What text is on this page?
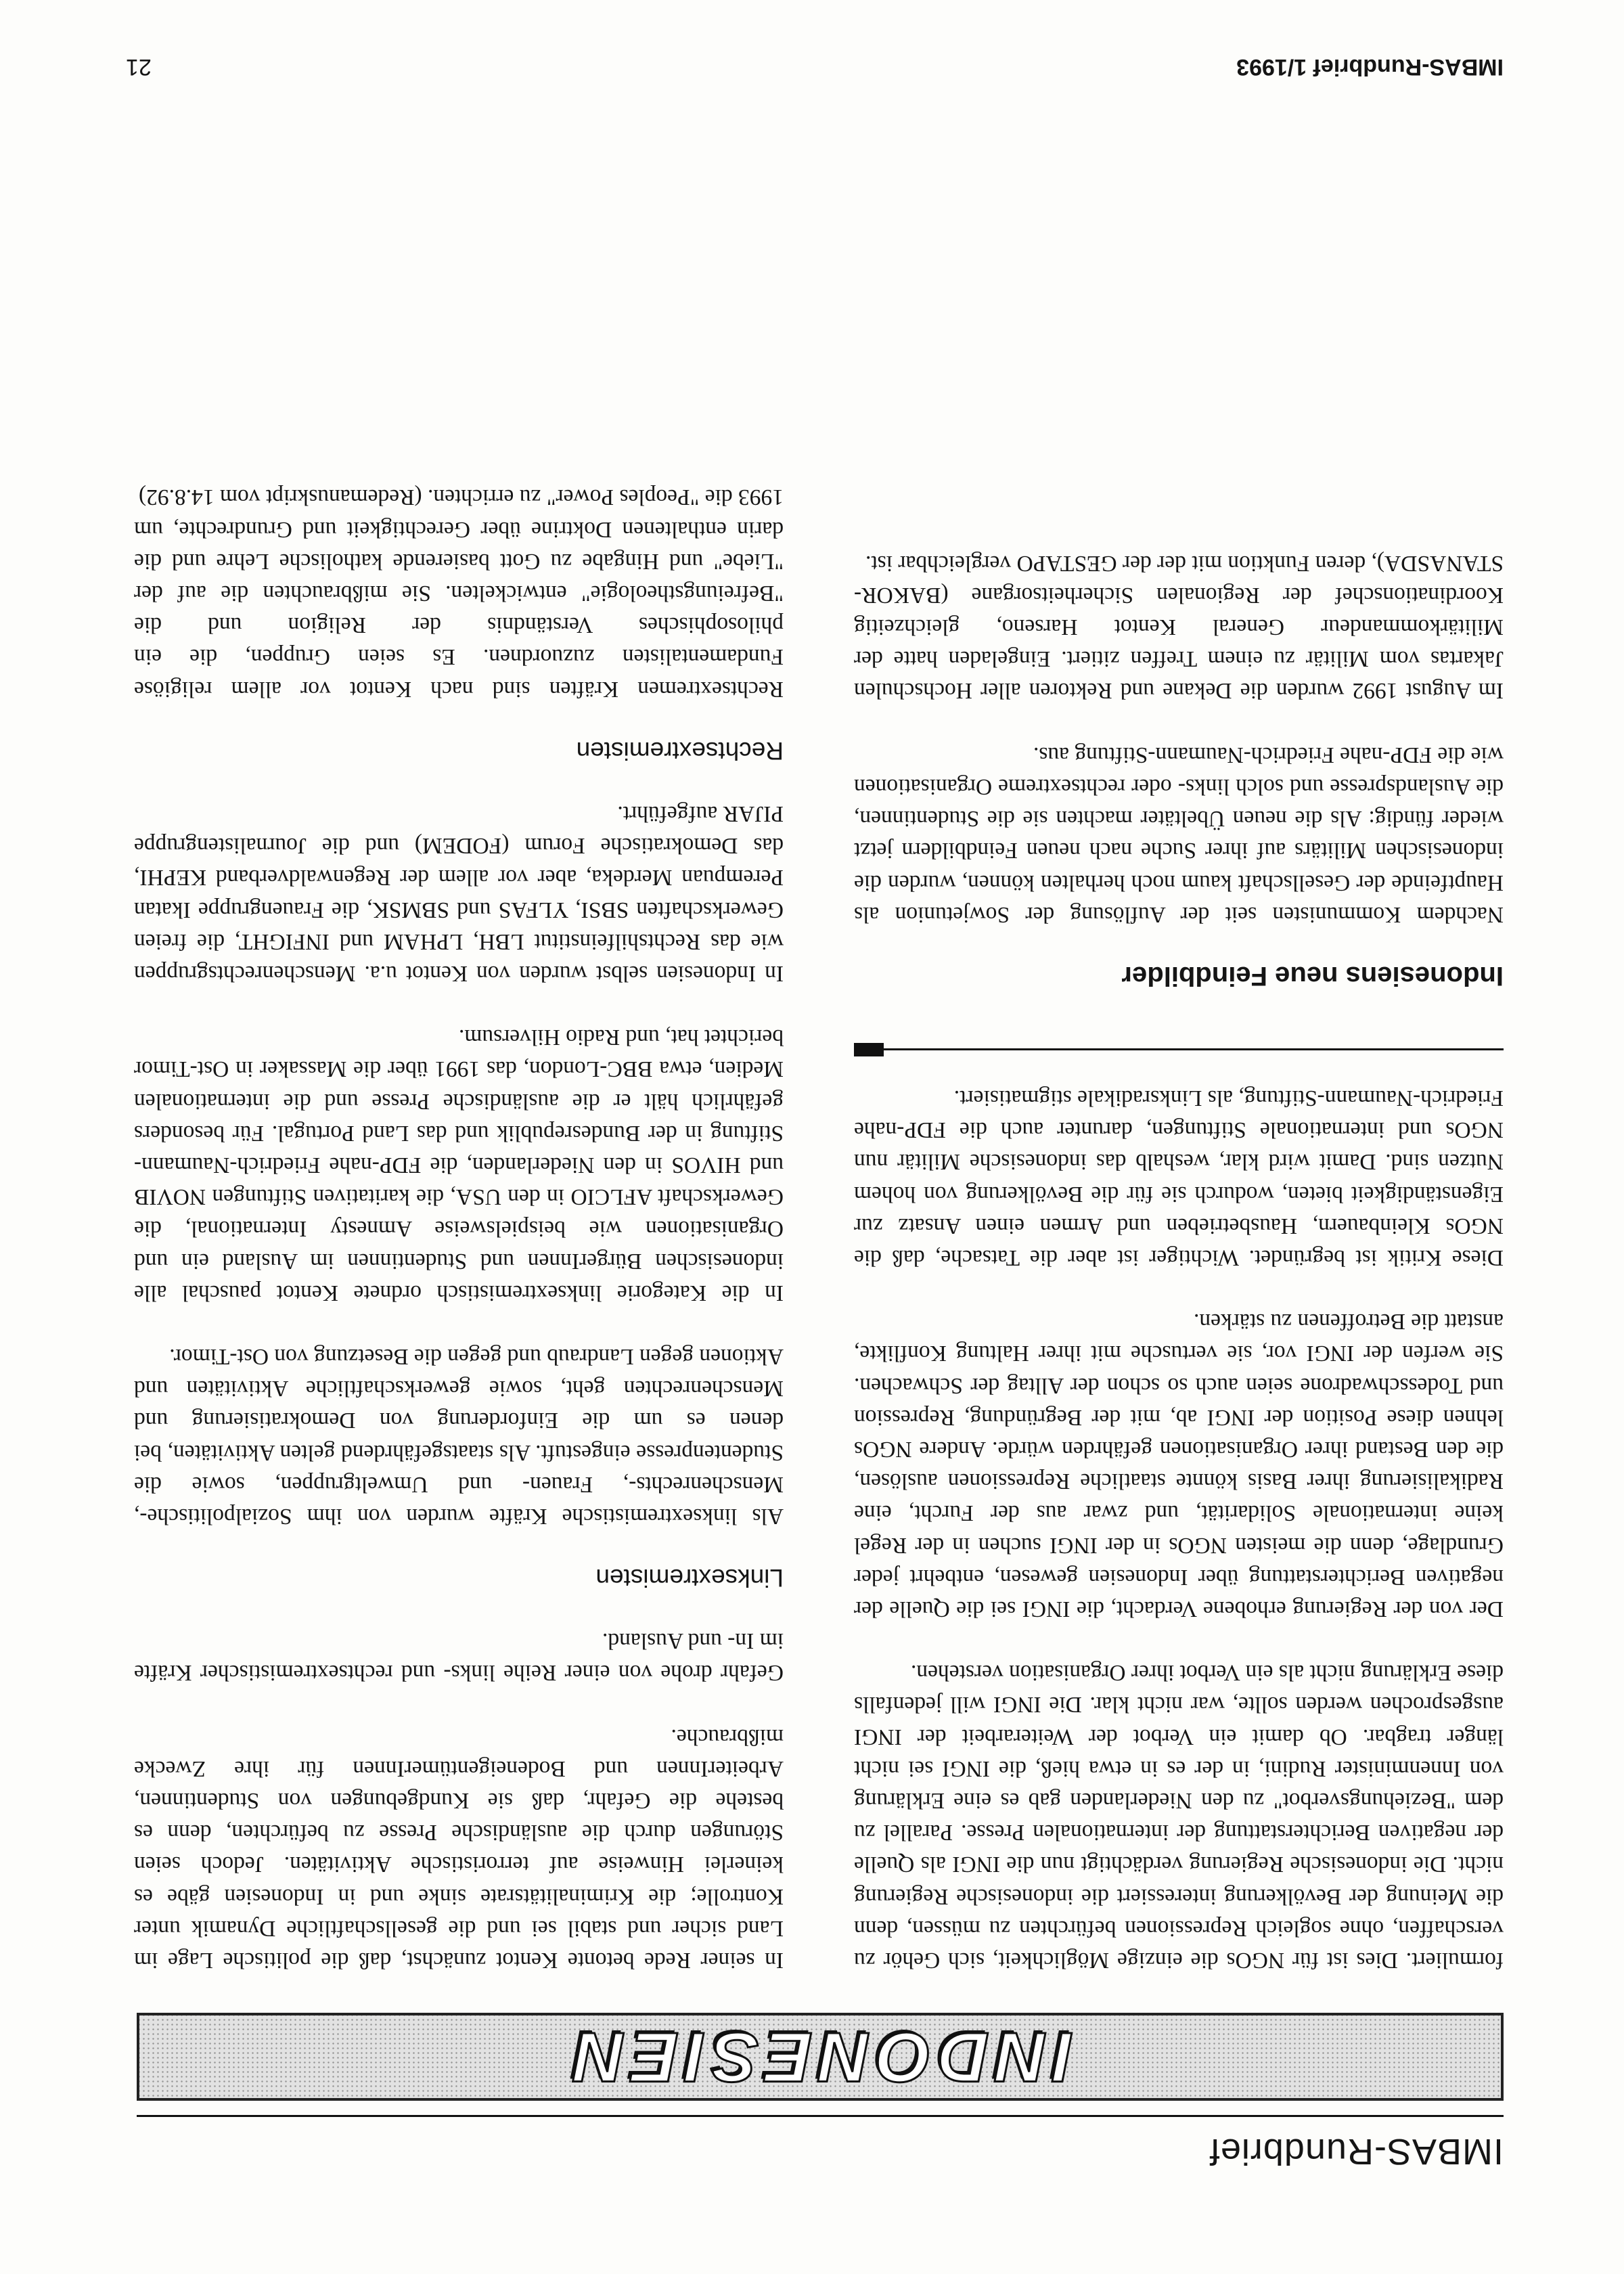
IMBAS-Rundbrief
INDONESIEN

formuliert. Dies ist für NGOs die einzige Möglichkeit, sich Gehör zu verschaffen, ohne sogleich Repressionen befürchten zu müssen, denn die Meinung der Bevölkerung interessiert die indonesische Regierung nicht. Die indonesische Regierung verdächtigt nun die INGI als Quelle der negativen Berichterstattung der internationalen Presse. Parallel zu dem "Beziehungsverbot" zu den Niederlanden gab es eine Erklärung von Innenminister Rudini, in der es in etwa hieß, die INGI sei nicht länger tragbar. Ob damit ein Verbot der Weiterarbeit der INGI ausgesprochen werden sollte, war nicht klar. Die INGI will jedenfalls diese Erklärung nicht als ein Verbot ihrer Organisation verstehen.

Der von der Regierung erhobene Verdacht, die INGI sei die Quelle der negativen Berichterstattung über Indonesien gewesen, entbehrt jeder Grundlage, denn die meisten NGOs in der INGI suchen in der Regel keine internationale Solidarität, und zwar aus der Furcht, eine Radikalisierung ihrer Basis könnte staatliche Repressionen auslösen, die den Bestand ihrer Organisationen gefährden würde. Andere NGOs lehnen diese Position der INGI ab, mit der Begründung, Repression und Todesschwadrone seien auch so schon der Alltag der Schwachen. Sie werfen der INGI vor, sie vertusche mit ihrer Haltung Konflikte, anstatt die Betroffenen zu stärken.

Diese Kritik ist begründet. Wichtiger ist aber die Tatsache, daß die NGOs Kleinbauern, Hausbetrieben und Armen einen Ansatz zur Eigenständigkeit bieten, wodurch sie für die Bevölkerung von hohem Nutzen sind. Damit wird klar, weshalb das indonesische Militär nun NGOs und internationale Stiftungen, darunter auch die FDP-nahe Friedrich-Naumann-Stiftung, als Linksradikale stigmatisiert.

Indonesiens neue Feindbilder

Nachdem Kommunisten seit der Auflösung der Sowjetunion als Hauptfeinde der Gesellschaft kaum noch herhalten können, wurden die indonesischen Militärs auf ihrer Suche nach neuen Feindbildern jetzt wieder fündig: Als die neuen Übeltäter machten sie die Studentinnen, die Auslandspresse und solch links- oder rechtsextreme Organisationen wie die FDP-nahe Friedrich-Naumann-Stiftung aus.

Im August 1992 wurden die Dekane und Rektoren aller Hochschulen Jakartas vom Militär zu einem Treffen zitiert. Eingeladen hatte der Militärkommandeur General Kentot Harseno, gleichzeitig Koordinationschef der Regionalen Sicherheitsorgane (BAKOR-STANASDA), deren Funktion mit der der GESTAPO vergleichbar ist.

In seiner Rede betonte Kentot zunächst, daß die politische Lage im Land sicher und stabil sei und die gesellschaftliche Dynamik unter Kontrolle; die Kriminalitätsrate sinke und in Indonesien gäbe es keinerlei Hinweise auf terroristische Aktivitäten. Jedoch seien Störungen durch die ausländische Presse zu befürchten, denn es bestehe die Gefahr, daß sie Kundgebungen von Studentinnen, ArbeiterInnen und BodeneigentümerInnen für ihre Zwecke mißbrauche.

Gefahr drohe von einer Reihe links- und rechtsextremistischer Kräfte im In- und Ausland.

Linksextremisten

Als linksextremistische Kräfte wurden von ihm Sozialpolitische-, Menschenrechts-, Frauen- und Umweltgruppen, sowie die Studentenpresse eingestuft. Als staatsgefährdend gelten Aktivitäten, bei denen es um die Einforderung von Demokratisierung und Menschenrechten geht, sowie gewerkschaftliche Aktivitäten und Aktionen gegen Landraub und gegen die Besetzung von Ost-Timor.

In die Kategorie linksextremistisch ordnete Kentot pauschal alle indonesischen BürgerInnen und Studentinnen im Ausland ein und Organisationen wie beispielsweise Amnesty International, die Gewerkschaft AFLCIO in den USA, die karitativen Stiftungen NOVIB und HIVOS in den Niederlanden, die FDP-nahe Friedrich-Naumann-Stiftung in der Bundesrepublik und das Land Portugal. Für besonders gefährlich hält er die ausländische Presse und die internationalen Medien, etwa BBC-London, das 1991 über die Massaker in Ost-Timor berichtet hat, und Radio Hilversum.

In Indonesien selbst wurden von Kentot u.a. Menschenrechtsgruppen wie das Rechtshilfeinstitut LBH, LPHAM und INFIGHT, die freien Gewerkschaften SBSI, YLFAS und SBMSK, die Frauengruppe Ikatan Perempuan Merdeka, aber vor allem der Regenwaldverband KEPHI, das Demokratische Forum (FODEM) und die Journalistengruppe PIJAR aufgeführt.

Rechtsextremisten

Rechtsextremen Kräften sind nach Kentot vor allem religiöse Fundamentalisten zuzuordnen. Es seien Gruppen, die ein philosophisches Verständnis der Religion und die "Befreiungstheologie" entwickelten. Sie mißbrauchten die auf der "Liebe" und Hingabe zu Gott basierende katholische Lehre und die darin enthaltenen Doktrine über Gerechtigkeit und Grundrechte, um 1993 die "Peoples Power" zu errichten. (Redemanuskript vom 14.8.92)

IMBAS-Rundbrief 1/1993
21
